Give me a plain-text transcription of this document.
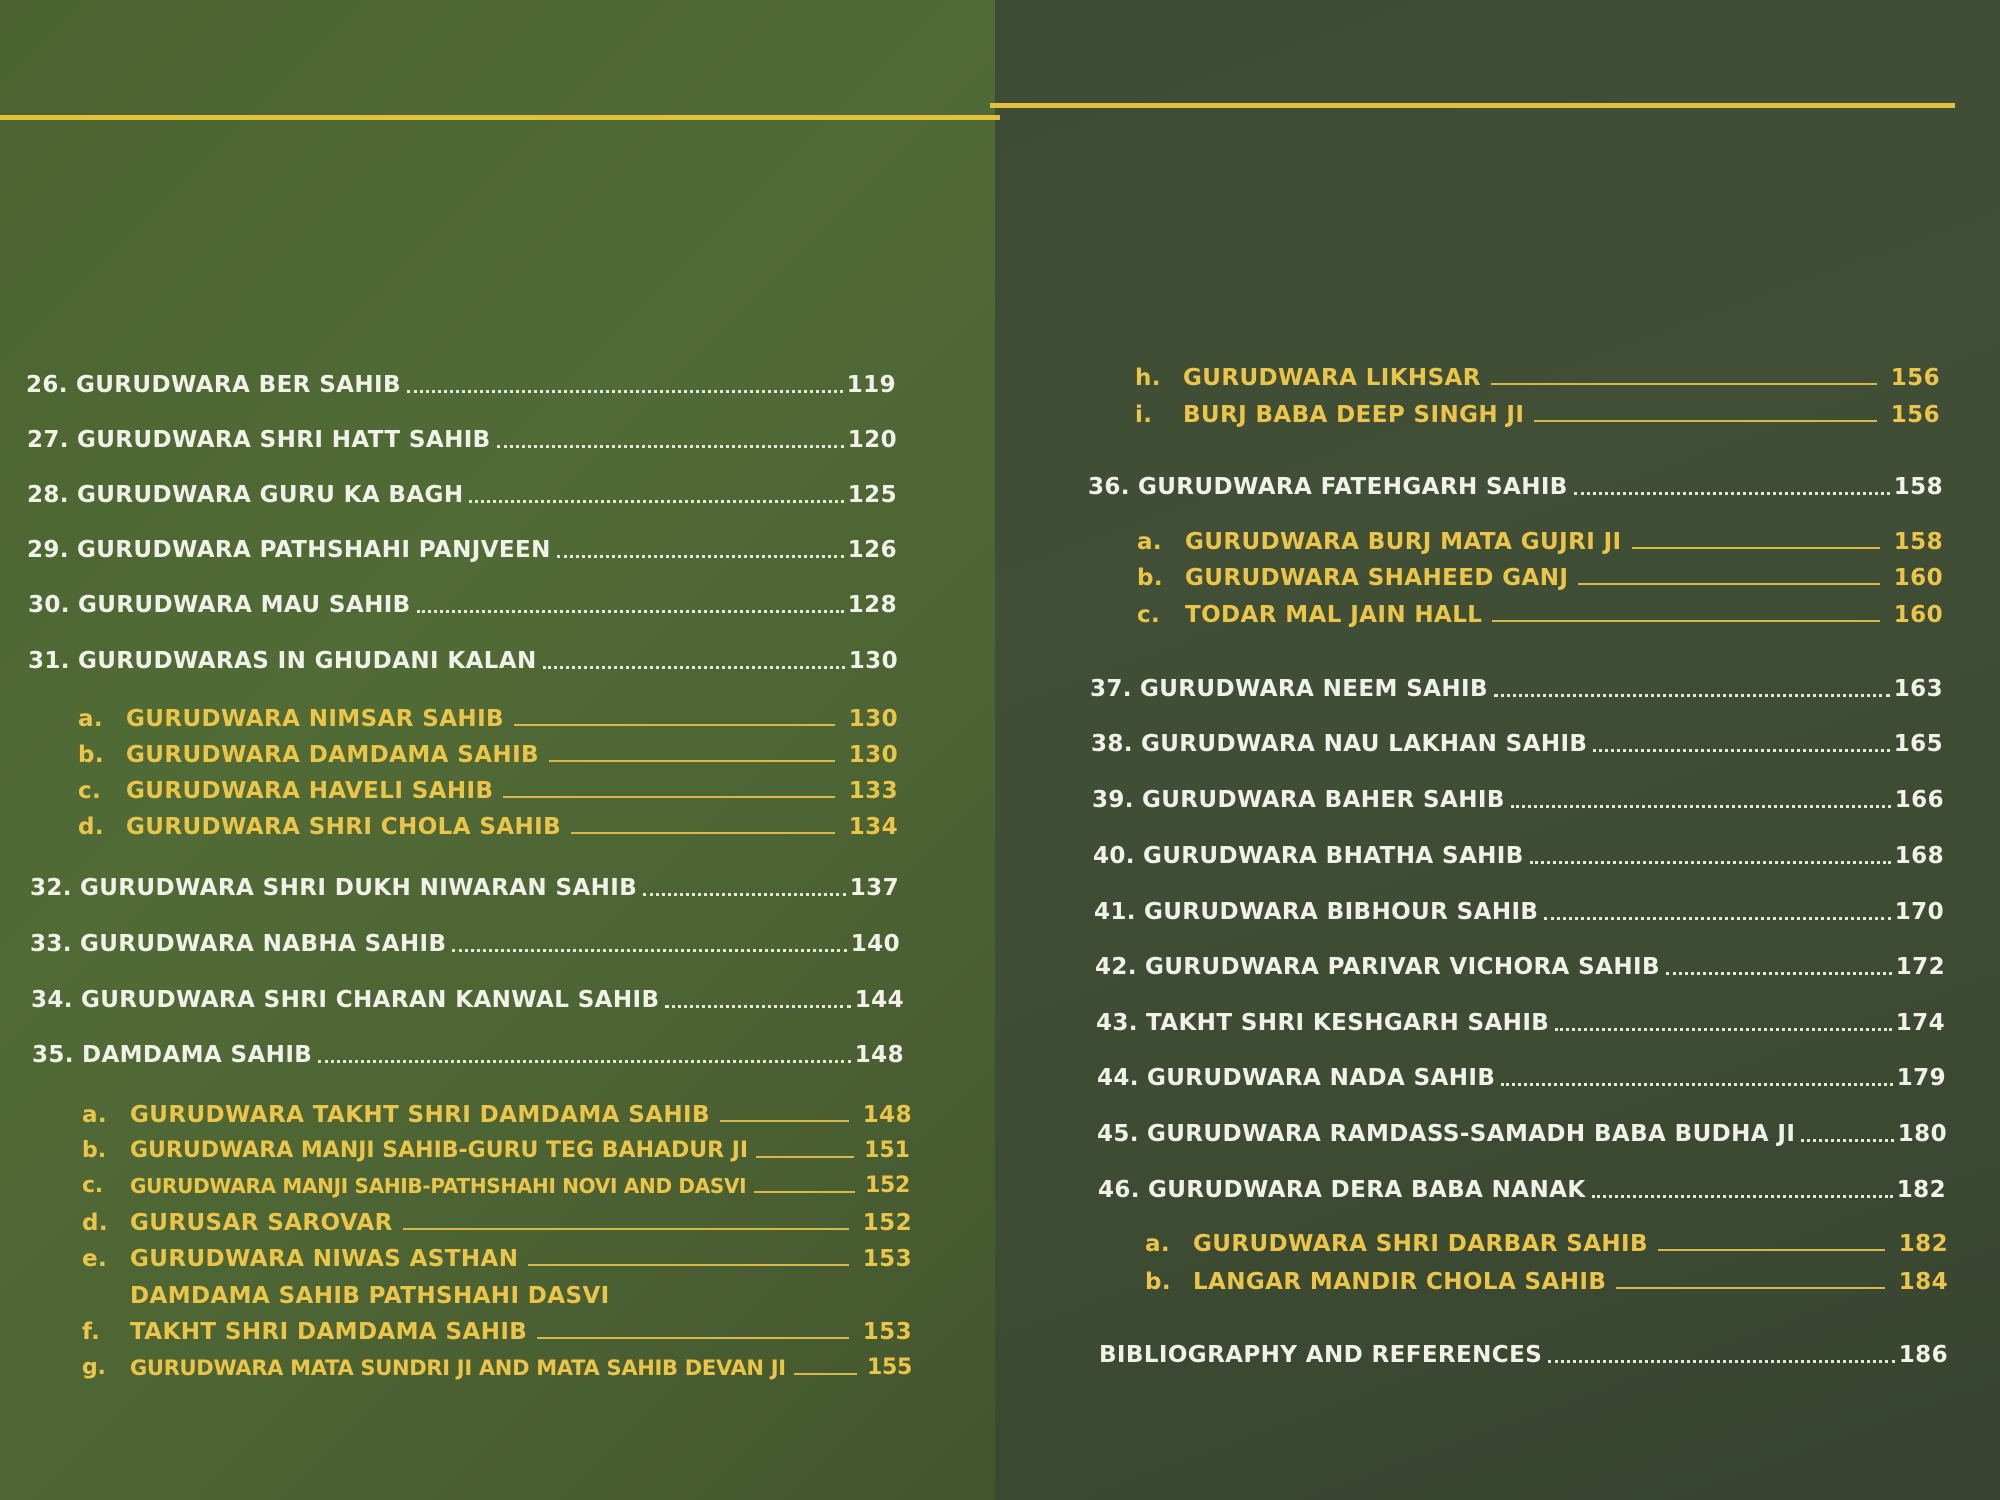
26. GURUDWARA BER SAHIB	119
27. GURUDWARA SHRI HATT SAHIB	120
28. GURUDWARA GURU KA BAGH	125
29. GURUDWARA PATHSHAHI PANJVEEN	126
30. GURUDWARA MAU SAHIB	128
31. GURUDWARAS IN GHUDANI KALAN	130
a. GURUDWARA NIMSAR SAHIB	130
b. GURUDWARA DAMDAMA SAHIB	130
c.	GURUDWARA HAVELI SAHIB	133
d. GURUDWARA SHRI CHOLA SAHIB	134
32. GURUDWARA SHRI DUKH NIWARAN SAHIB	137
33. GURUDWARA NABHA SAHIB	140
34. GURUDWARA SHRI CHARAN KANWAL SAHIB	144
35. DAMDAMA SAHIB	148
a. GURUDWARA TAKHT SHRI DAMDAMA SAHIB	148
b.	GURUDWARA MANJI SAHIB-GURU TEG BAHADUR JI	151
c.	GURUDWARA MANJI SAHIB-PATHSHAHI NOVI AND DASVI	152
d. GURUSAR SAROVAR	152
e. GURUDWARA NIWAS ASTHAN	153
DAMDAMA SAHIB PATHSHAHI DASVI
f.	TAKHT SHRI DAMDAMA SAHIB	153
g.	GURUDWARA MATA SUNDRI JI AND MATA SAHIB DEVAN JI	155
h. GURUDWARA LIKHSAR	156
i.	BURJ BABA DEEP SINGH JI	156
36. GURUDWARA FATEHGARH SAHIB	158
a. GURUDWARA BURJ MATA GUJRI JI	158
b. GURUDWARA SHAHEED GANJ	160
c.	TODAR MAL JAIN HALL	160
37. GURUDWARA NEEM SAHIB	163
38. GURUDWARA NAU LAKHAN SAHIB	165
39. GURUDWARA BAHER SAHIB	166
40. GURUDWARA BHATHA SAHIB	168
41. GURUDWARA BIBHOUR SAHIB	170
42. GURUDWARA PARIVAR VICHORA SAHIB	172
43. TAKHT SHRI KESHGARH SAHIB	174
44. GURUDWARA NADA SAHIB	179
45. GURUDWARA RAMDASS-SAMADH BABA BUDHA JI	180
46. GURUDWARA DERA BABA NANAK	182
a. GURUDWARA SHRI DARBAR SAHIB	182
b. LANGAR MANDIR CHOLA SAHIB	184
BIBLIOGRAPHY AND REFERENCES	186
